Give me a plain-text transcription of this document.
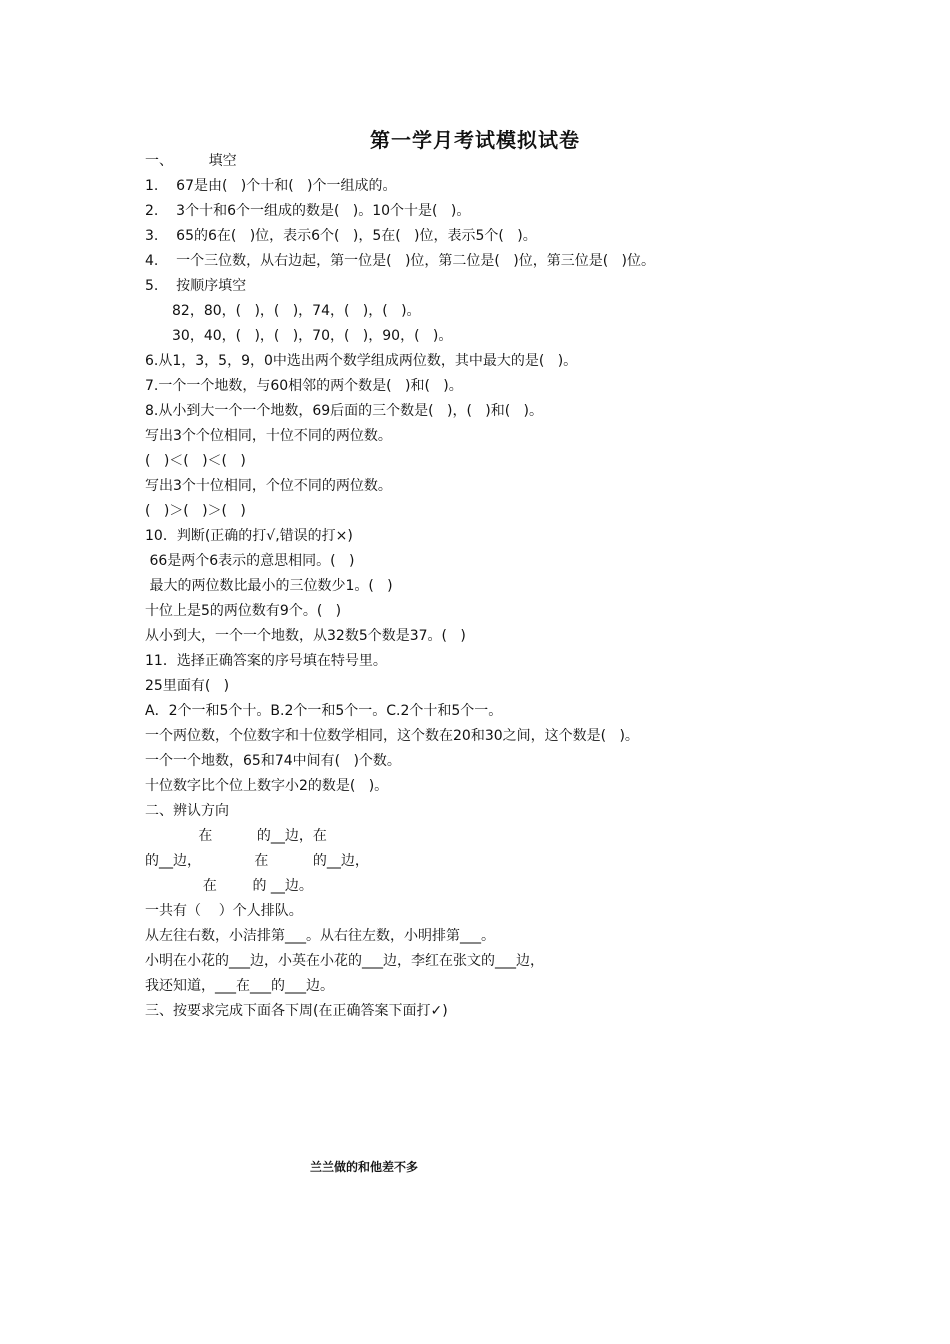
第一学月考试模拟试卷
一、        填空
1.    67是由(   )个十和(   )个一组成的。
2.    3个十和6个一组成的数是(   )。10个十是(   )。
3.    65的6在(   )位，表示6个(   )，5在(   )位，表示5个(   )。
4.    一个三位数，从右边起，第一位是(   )位，第二位是(   )位，第三位是(   )位。
5.    按顺序填空
82，80，(   )，(   )，74，(   )，(   )。
30，40，(   )，(   )，70，(   )，90，(   )。
6.从1，3，5，9，0中选出两个数学组成两位数，其中最大的是(   )。
7.一个一个地数，与60相邻的两个数是(   )和(   )。
8.从小到大一个一个地数，69后面的三个数是(   )，(   )和(   )。
写出3个个位相同，十位不同的两位数。
(   )＜(   )＜(   )
写出3个十位相同，个位不同的两位数。
(   )＞(   )＞(   )
10．判断(正确的打√,错误的打×)
66是两个6表示的意思相同。(   )
最大的两位数比最小的三位数少1。(   )
十位上是5的两位数有9个。(   )
从小到大，一个一个地数，从32数5个数是37。(   )
11．选择正确答案的序号填在特号里。
25里面有(   )
A．2个一和5个十。B.2个一和5个一。C.2个十和5个一。
一个两位数，个位数字和十位数学相同，这个数在20和30之间，这个数是(   )。
一个一个地数，65和74中间有(   )个数。
十位数字比个位上数字小2的数是(   )。
二、辨认方向
在          的__边，在
的__边，            在          的__边，
在        的 __边。
一共有（    ）个人排队。
从左往右数，小洁排第___。从右往左数，小明排第___。
小明在小花的___边，小英在小花的___边，李红在张文的___边，
我还知道，___在___的___边。
三、按要求完成下面各下周(在正确答案下面打✓)
兰兰做的和他差不多
